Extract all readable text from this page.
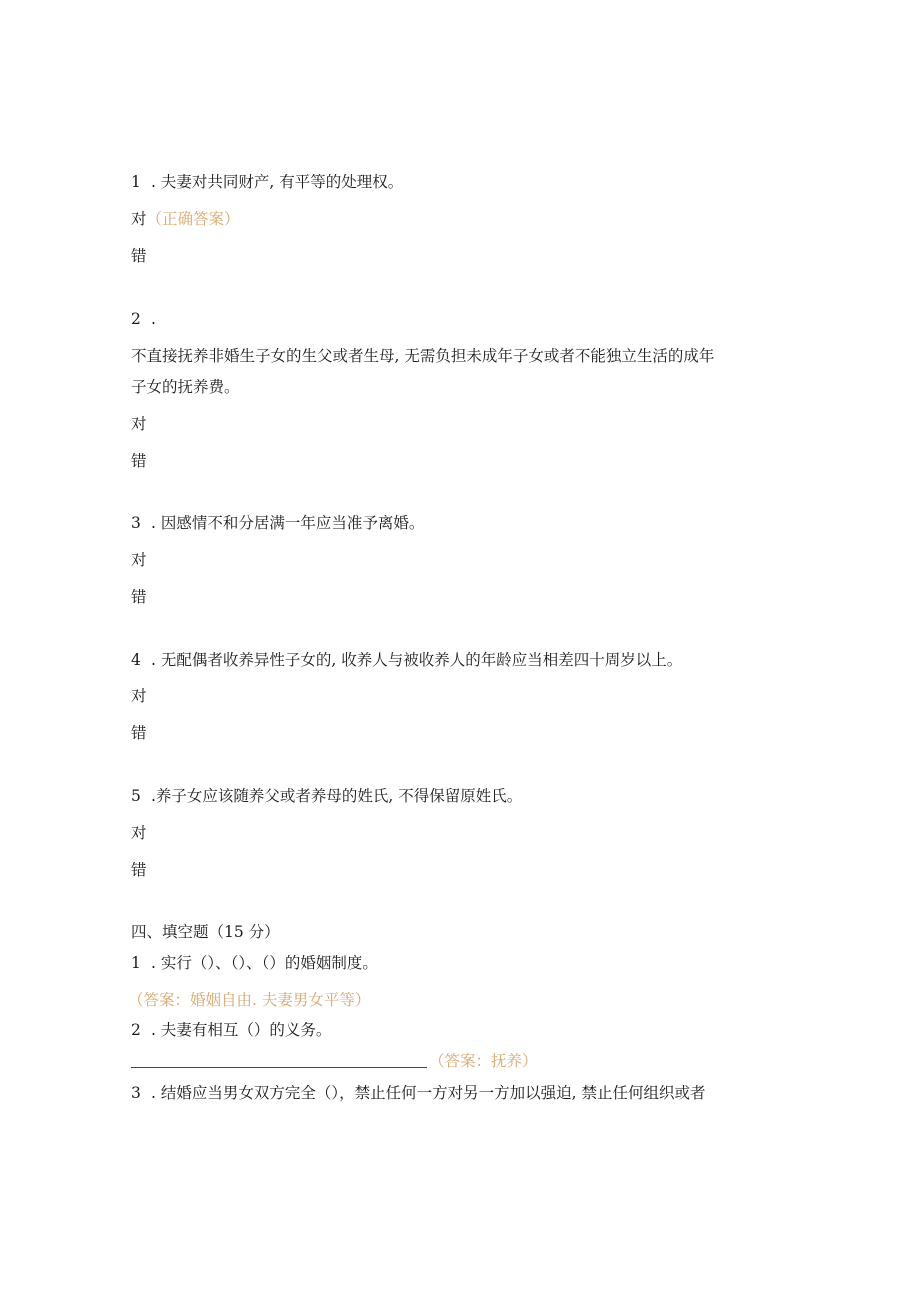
1 . 夫妻对共同财产, 有平等的处理权。
对（正确答案）
错
2 .
不直接抚养非婚生子女的生父或者生母, 无需负担未成年子女或者不能独立生活的成年
子女的抚养费。
对
错
3 . 因感情不和分居满一年应当准予离婚。
对
错
4 . 无配偶者收养异性子女的, 收养人与被收养人的年龄应当相差四十周岁以上。
对
错
5 .养子女应该随养父或者养母的姓氏, 不得保留原姓氏。
对
错
四、填空题（15 分）
1 . 实行（）、（）、（）的婚姻制度。
（答案：婚姻自由. 夫妻男女平等）
2 . 夫妻有相互（）的义务。
（答案：抚养）
3 . 结婚应当男女双方完全（），禁止任何一方对另一方加以强迫, 禁止任何组织或者
